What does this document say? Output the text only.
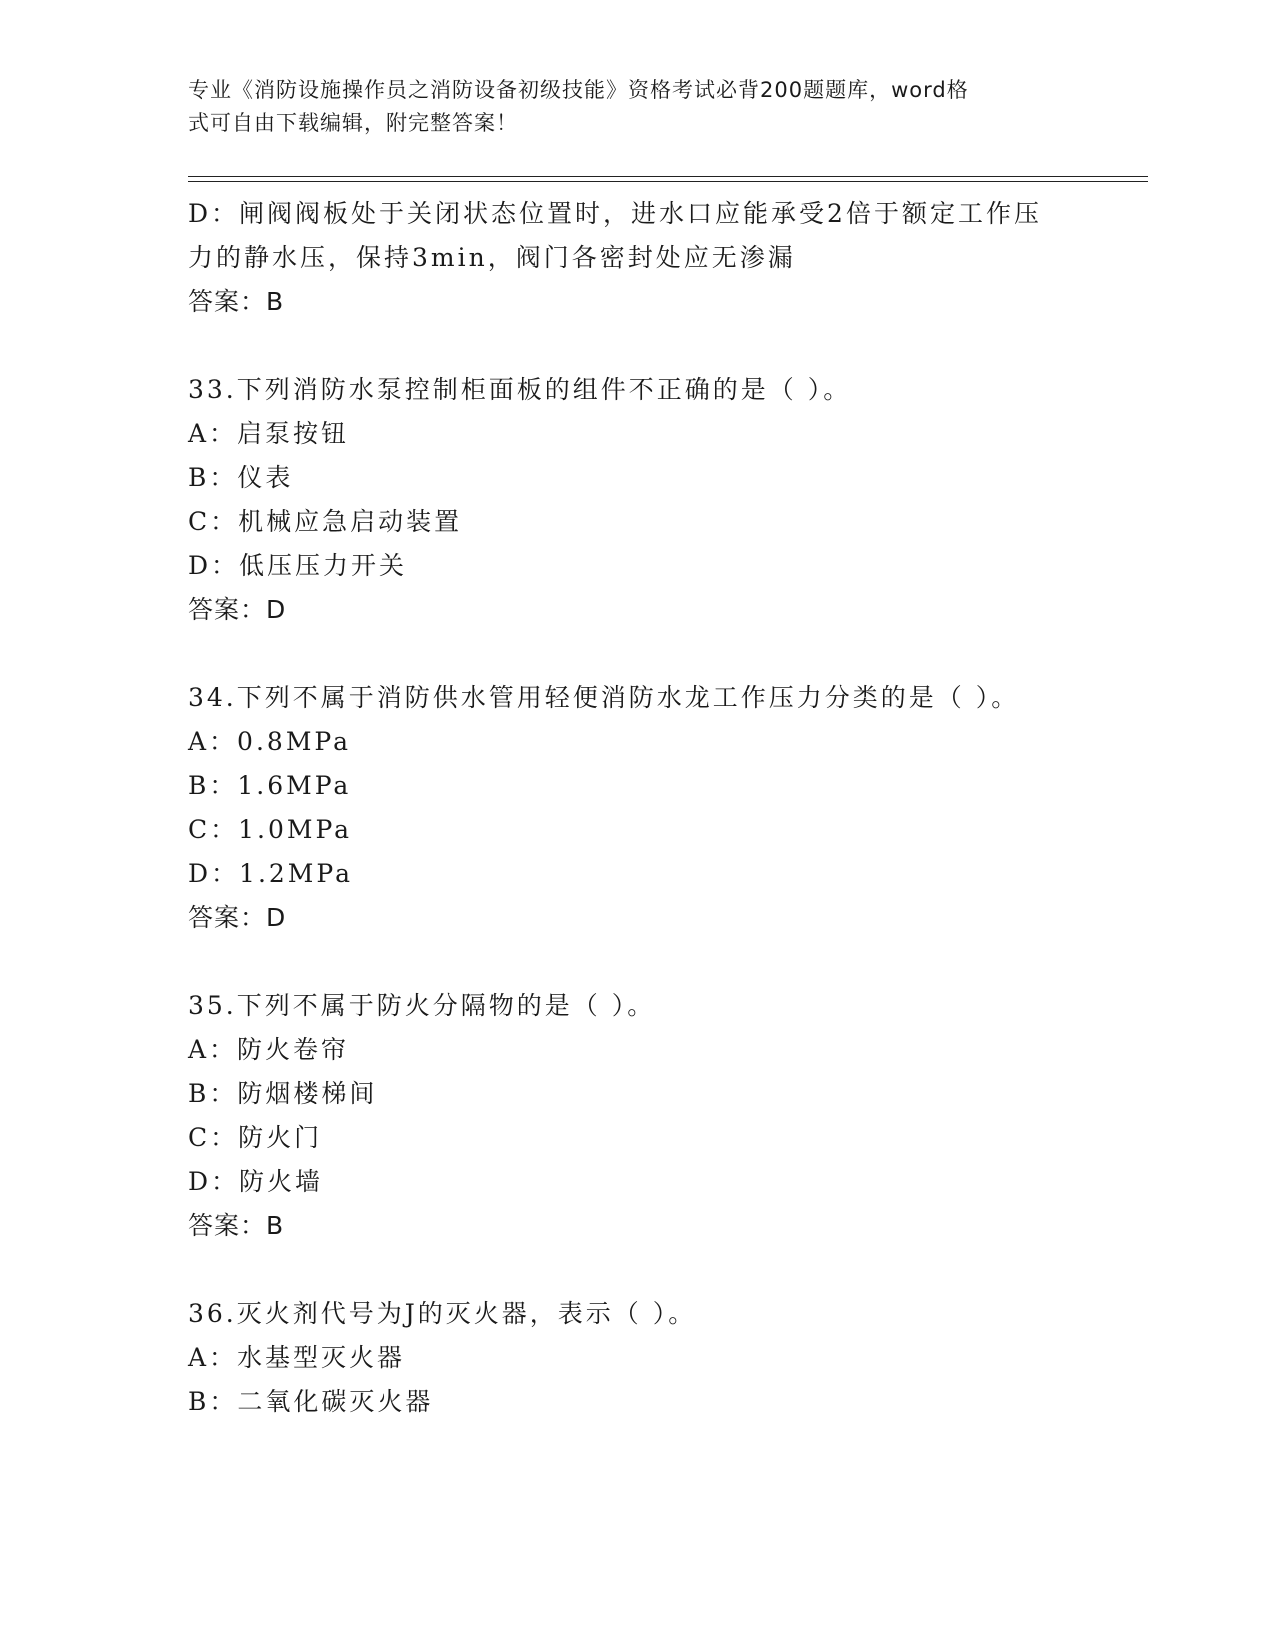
专业《消防设施操作员之消防设备初级技能》资格考试必背200题题库，word格
式可自由下载编辑，附完整答案！
D：闸阀阀板处于关闭状态位置时，进水口应能承受2倍于额定工作压
力的静水压，保持3min，阀门各密封处应无渗漏
答案：B
33.下列消防水泵控制柜面板的组件不正确的是（ ）。
A：启泵按钮
B：仪表
C：机械应急启动装置
D：低压压力开关
答案：D
34.下列不属于消防供水管用轻便消防水龙工作压力分类的是（ ）。
A：0.8MPa
B：1.6MPa
C：1.0MPa
D：1.2MPa
答案：D
35.下列不属于防火分隔物的是（ ）。
A：防火卷帘
B：防烟楼梯间
C：防火门
D：防火墙
答案：B
36.灭火剂代号为J的灭火器，表示（ ）。
A：水基型灭火器
B：二氧化碳灭火器
